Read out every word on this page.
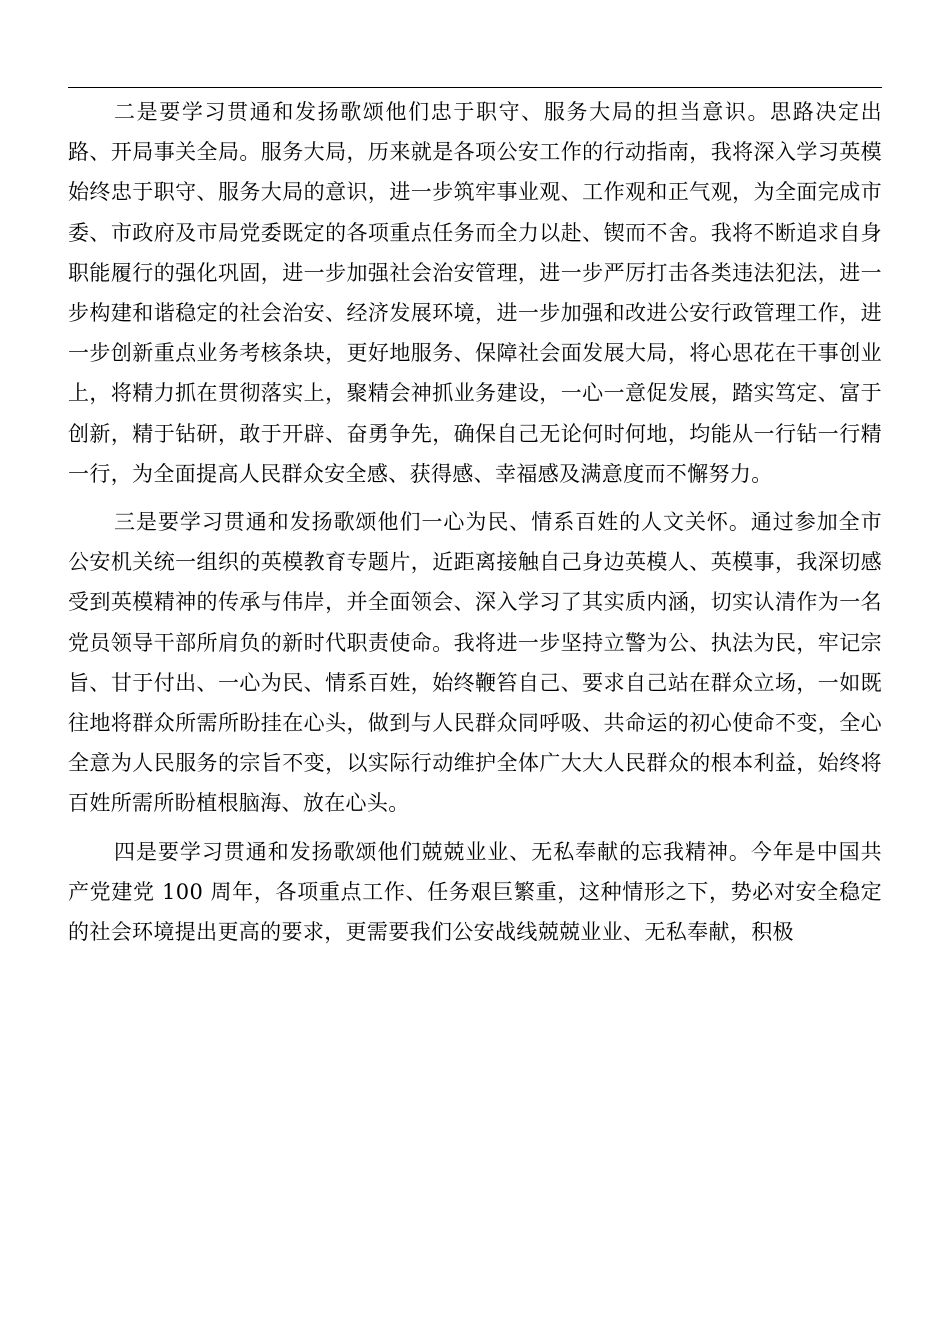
二是要学习贯通和发扬歌颂他们忠于职守、服务大局的担当意识。思路决定出路、开局事关全局。服务大局，历来就是各项公安工作的行动指南，我将深入学习英模始终忠于职守、服务大局的意识，进一步筑牢事业观、工作观和正气观，为全面完成市委、市政府及市局党委既定的各项重点任务而全力以赴、锲而不舍。我将不断追求自身职能履行的强化巩固，进一步加强社会治安管理，进一步严厉打击各类违法犯法，进一步构建和谐稳定的社会治安、经济发展环境，进一步加强和改进公安行政管理工作，进一步创新重点业务考核条块，更好地服务、保障社会面发展大局，将心思花在干事创业上，将精力抓在贯彻落实上，聚精会神抓业务建设，一心一意促发展，踏实笃定、富于创新，精于钻研，敢于开辟、奋勇争先，确保自己无论何时何地，均能从一行钻一行精一行，为全面提高人民群众安全感、获得感、幸福感及满意度而不懈努力。

三是要学习贯通和发扬歌颂他们一心为民、情系百姓的人文关怀。通过参加全市公安机关统一组织的英模教育专题片，近距离接触自己身边英模人、英模事，我深切感受到英模精神的传承与伟岸，并全面领会、深入学习了其实质内涵，切实认清作为一名党员领导干部所肩负的新时代职责使命。我将进一步坚持立警为公、执法为民，牢记宗旨、甘于付出、一心为民、情系百姓，始终鞭笞自己、要求自己站在群众立场，一如既往地将群众所需所盼挂在心头，做到与人民群众同呼吸、共命运的初心使命不变，全心全意为人民服务的宗旨不变，以实际行动维护全体广大大人民群众的根本利益，始终将百姓所需所盼植根脑海、放在心头。

四是要学习贯通和发扬歌颂他们兢兢业业、无私奉献的忘我精神。今年是中国共产党建党 100 周年，各项重点工作、任务艰巨繁重，这种情形之下，势必对安全稳定的社会环境提出更高的要求，更需要我们公安战线兢兢业业、无私奉献，积极
